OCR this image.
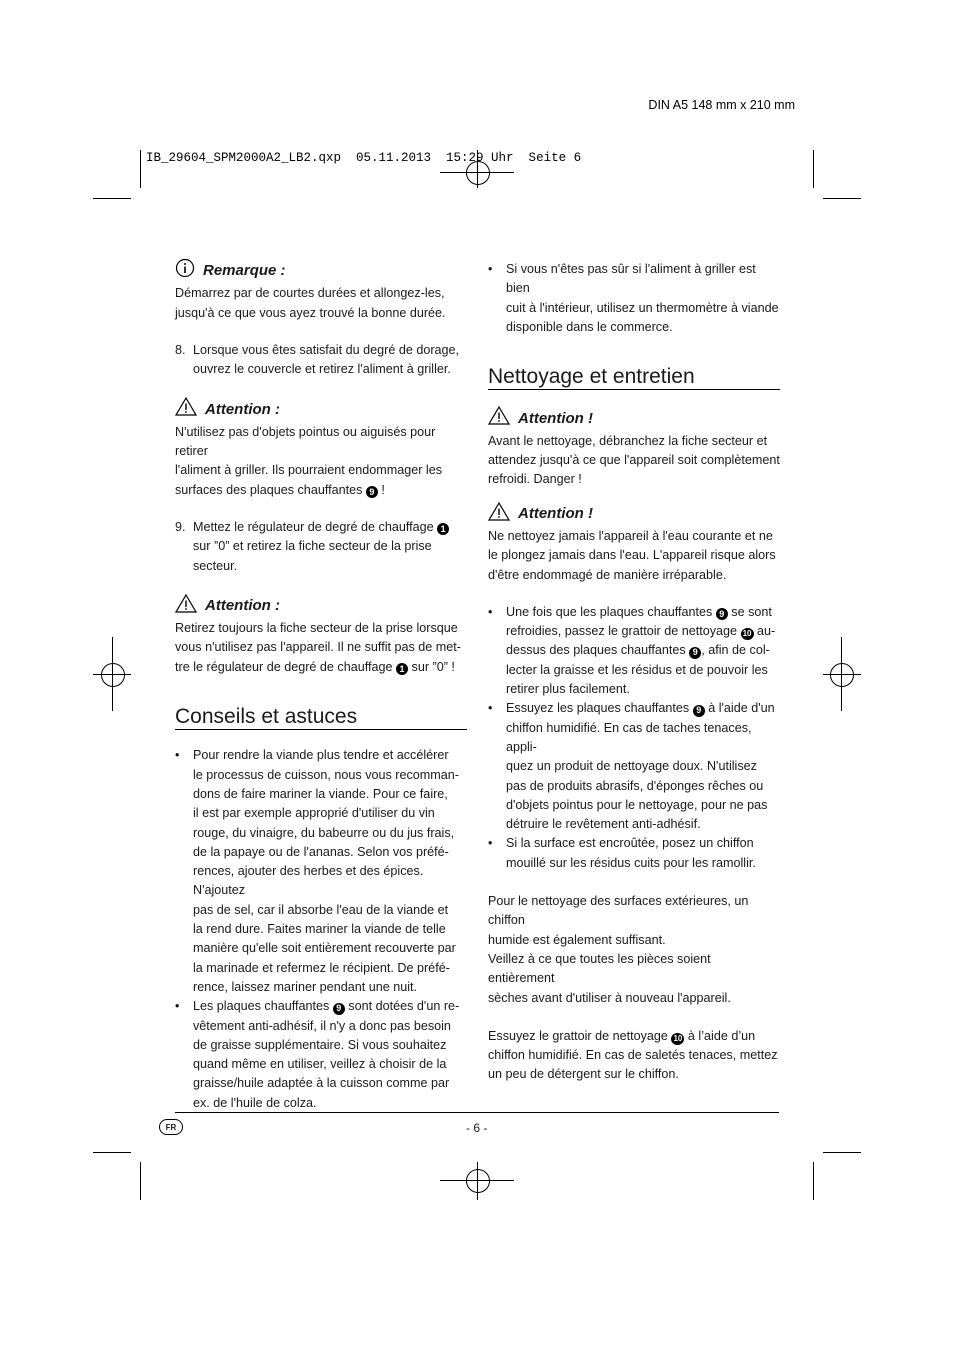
DIN A5 148 mm x 210 mm
IB_29604_SPM2000A2_LB2.qxp  05.11.2013  15:29 Uhr  Seite 6
Remarque :

Démarrez par de courtes durées et allongez-les,

jusqu'à ce que vous ayez trouvé la bonne durée.

8. Lorsque vous êtes satisfait du degré de dorage,

ouvrez le couvercle et retirez l'aliment à griller.

Attention :

N'utilisez pas d'objets pointus ou aiguisés pour retirer

l'aliment à griller. Ils pourraient endommager les

surfaces des plaques chauffantes 9 !

9. Mettez le régulateur de degré de chauffage 1

sur ”0” et retirez la fiche secteur de la prise

secteur.

Attention :

Retirez toujours la fiche secteur de la prise lorsque

vous n'utilisez pas l'appareil. Il ne suffit pas de met-

tre le régulateur de degré de chauffage 1 sur ”0” !

Conseils et astuces
•	Pour rendre la viande plus tendre et accélérer

le processus de cuisson, nous vous recomman-

dons de faire mariner la viande. Pour ce faire,

il est par exemple approprié d'utiliser du vin

rouge, du vinaigre, du babeurre ou du jus frais,

de la papaye ou de l'ananas. Selon vos préfé-

rences, ajouter des herbes et des épices. N'ajoutez

pas de sel, car il absorbe l'eau de la viande et

la rend dure. Faites mariner la viande de telle

manière qu'elle soit entièrement recouverte par

la marinade et refermez le récipient. De préfé-

rence, laissez mariner pendant une nuit.

•	Les plaques chauffantes 9 sont dotées d'un re-

vêtement anti-adhésif, il n'y a donc pas besoin

de graisse supplémentaire. Si vous souhaitez

quand même en utiliser, veillez à choisir de la

graisse/huile adaptée à la cuisson comme par

ex. de l'huile de colza.

•	Si vous n'êtes pas sûr si l'aliment à griller est bien

cuit à l'intérieur, utilisez un thermomètre à viande

disponible dans le commerce.

Nettoyage et entretien
Attention !

Avant le nettoyage, débranchez la fiche secteur et

attendez jusqu'à ce que l'appareil soit complètement

refroidi. Danger !

Attention !

Ne nettoyez jamais l'appareil à l'eau courante et ne

le plongez jamais dans l'eau. L'appareil risque alors

d'être endommagé de manière irréparable.

•	Une fois que les plaques chauffantes 9 se sont

refroidies, passez le grattoir de nettoyage 10 au-

dessus des plaques chauffantes 9 , afin de col-

lecter la graisse et les résidus et de pouvoir les

retirer plus facilement.

•	Essuyez les plaques chauffantes 9 à l'aide d'un

chiffon humidifié. En cas de taches tenaces, appli-

quez un produit de nettoyage doux. N'utilisez

pas de produits abrasifs, d'éponges rêches ou

d'objets pointus pour le nettoyage, pour ne pas

détruire le revêtement anti-adhésif.

•	Si la surface est encroûtée, posez un chiffon

mouillé sur les résidus cuits pour les ramollir.

Pour le nettoyage des surfaces extérieures, un chiffon

humide est également suffisant.

Veillez à ce que toutes les pièces soient entièrement

sèches avant d'utiliser à nouveau l'appareil.

Essuyez le grattoir de nettoyage 10 à l’aide d’un

chiffon humidifié. En cas de saletés tenaces, mettez

un peu de détergent sur le chiffon.

FR	- 6 -
